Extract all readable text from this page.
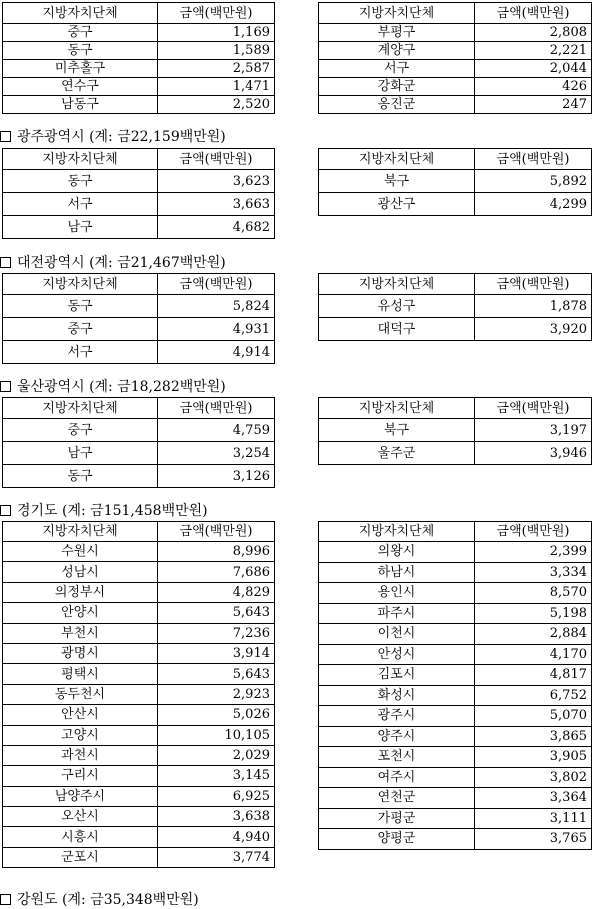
지방자치단체	금액(백만원)
중구	1,169
동구	1,589
미추홀구	2,587
연수구	1,471
남동구	2,520
지방자치단체	금액(백만원)
부평구	2,808
계양구	2,221
서구	2,044
강화군	426
옹진군	247
광주광역시 (계: 금22,159백만원)
지방자치단체	금액(백만원)
동구	3,623
서구	3,663
남구	4,682
지방자치단체	금액(백만원)
북구	5,892
광산구	4,299
대전광역시 (계: 금21,467백만원)
지방자치단체	금액(백만원)
동구	5,824
중구	4,931
서구	4,914
지방자치단체	금액(백만원)
유성구	1,878
대덕구	3,920
울산광역시 (계: 금18,282백만원)
지방자치단체	금액(백만원)
중구	4,759
남구	3,254
동구	3,126
지방자치단체	금액(백만원)
북구	3,197
울주군	3,946
경기도 (계: 금151,458백만원)
지방자치단체	금액(백만원)
수원시	8,996
성남시	7,686
의정부시	4,829
안양시	5,643
부천시	7,236
광명시	3,914
평택시	5,643
동두천시	2,923
안산시	5,026
고양시	10,105
과천시	2,029
구리시	3,145
남양주시	6,925
오산시	3,638
시흥시	4,940
군포시	3,774
지방자치단체	금액(백만원)
의왕시	2,399
하남시	3,334
용인시	8,570
파주시	5,198
이천시	2,884
안성시	4,170
김포시	4,817
화성시	6,752
광주시	5,070
양주시	3,865
포천시	3,905
여주시	3,802
연천군	3,364
가평군	3,111
양평군	3,765
강원도 (계: 금35,348백만원)
